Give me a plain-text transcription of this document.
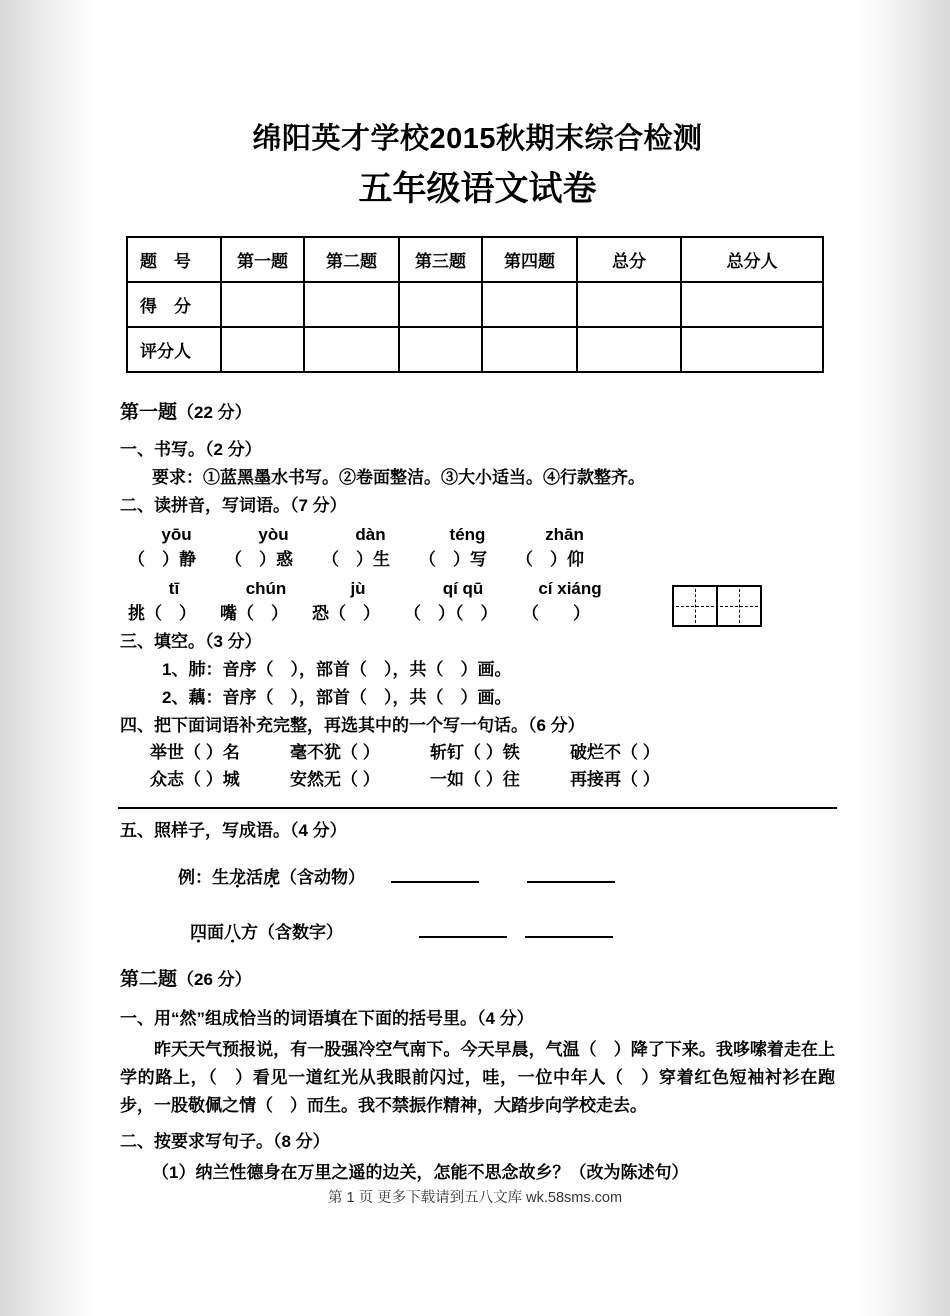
绵阳英才学校2015秋期末综合检测
五年级语文试卷
题　号	第一题	第二题	第三题	第四题	总分	总分人
得　分						
评分人						
第一题（22 分）
一、书写。（2 分）
要求：①蓝黑墨水书写。②卷面整洁。③大小适当。④行款整齐。
二、读拼音，写词语。（7 分）
yōu	yòu	dàn	téng	zhān
（　）静 （　）惑 （　）生 （　）写 （　）仰
tī	chún	jù	qí qū	cí xiáng
挑（　） 嘴（　） 恐（　） （　）（　） （　　）
三、填空。（3 分）
1、肺：音序（　），部首（　），共（　）画。
2、藕：音序（　），部首（　），共（　）画。
四、把下面词语补充完整，再选其中的一个写一句话。（6 分）
举世（ ）名	毫不犹（ ）	斩钉（ ）铁	破烂不（ ）
众志（ ）城	安然无（ ）	一如（ ）往	再接再（ ）
五、照样子，写成语。（4 分）
例：生龙 ●活虎 ●（含动物）
四 ●面八 ●方（含数字）
第二题（26 分）
一、用“然”组成恰当的词语填在下面的括号里。（4 分）
昨天天气预报说，有一股强冷空气南下。今天早晨，气温（　）降了下来。我哆嗦着走在上学的路上，（　）看见一道红光从我眼前闪过，哇，一位中年人（　）穿着红色短袖衬衫在跑步，一股敬佩之情（　）而生。我不禁振作精神，大踏步向学校走去。
二、按要求写句子。（8 分）
（1）纳兰性德身在万里之遥的边关，怎能不思念故乡？（改为陈述句）
第 1 页 更多下载请到五八文库 wk.58sms.com
